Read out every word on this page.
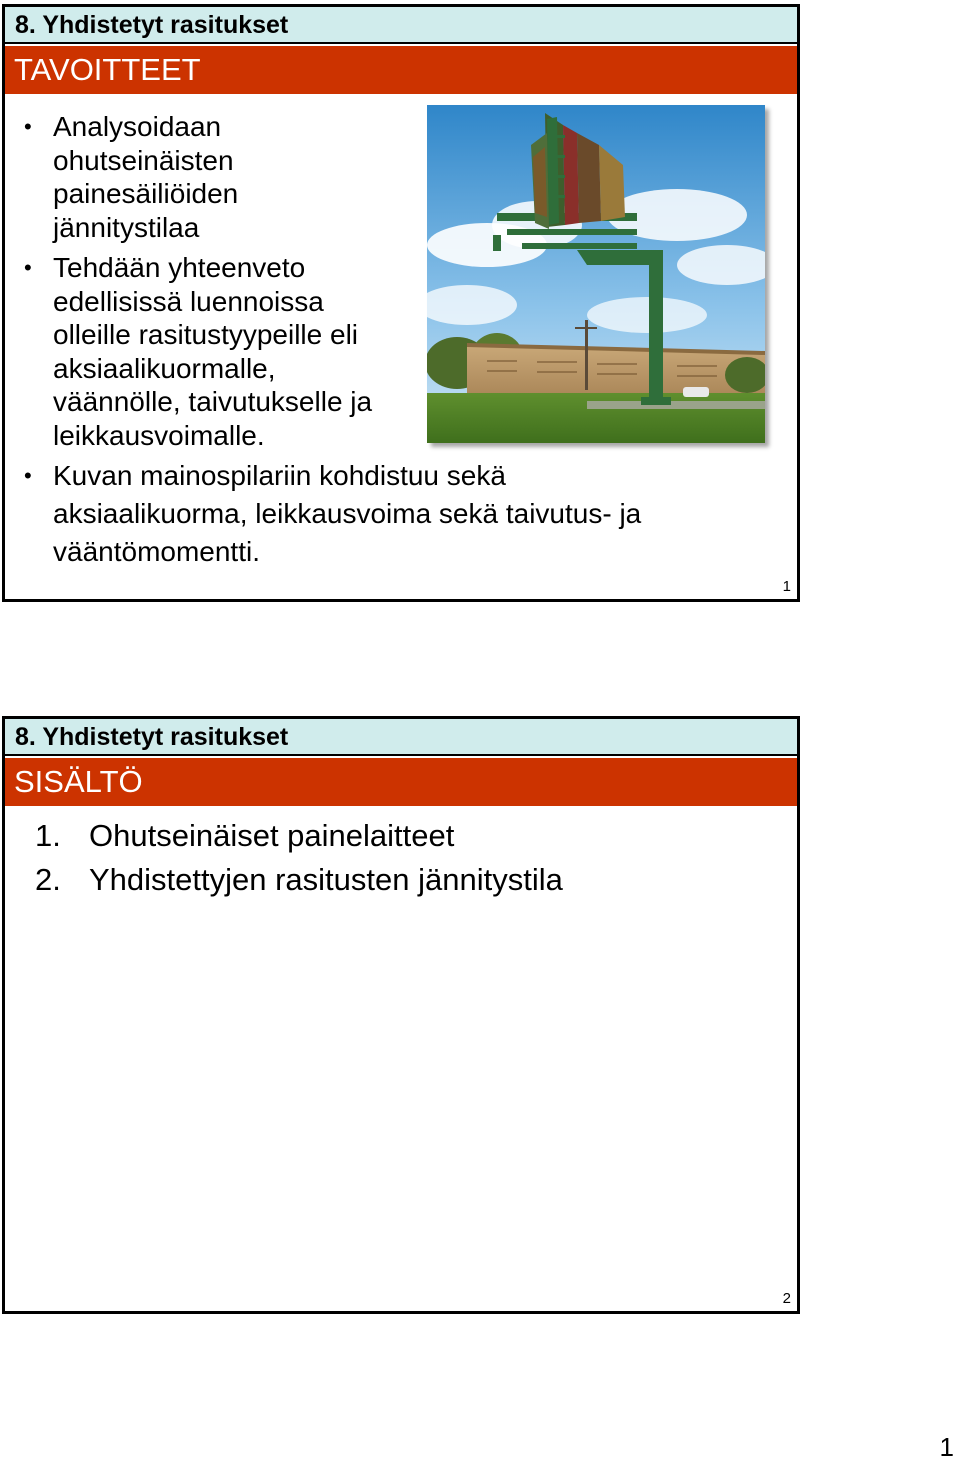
8. Yhdistetyt rasitukset
TAVOITTEET
• Analysoidaan
ohutseinäisten
painesäiliöiden
jännitystilaa
• Tehdään yhteenveto
edellisissä luennoissa
olleille rasitustyypeille eli
aksiaalikuormalle,
väännölle, taivutukselle ja
leikkausvoimalle.
• Kuvan mainospilariin kohdistuu sekä
aksiaalikuorma, leikkausvoima sekä taivutus- ja
vääntömomentti.
1
8. Yhdistetyt rasitukset
SISÄLTÖ
1. Ohutseinäiset painelaitteet
2. Yhdistettyjen rasitusten jännitystila
2
1
